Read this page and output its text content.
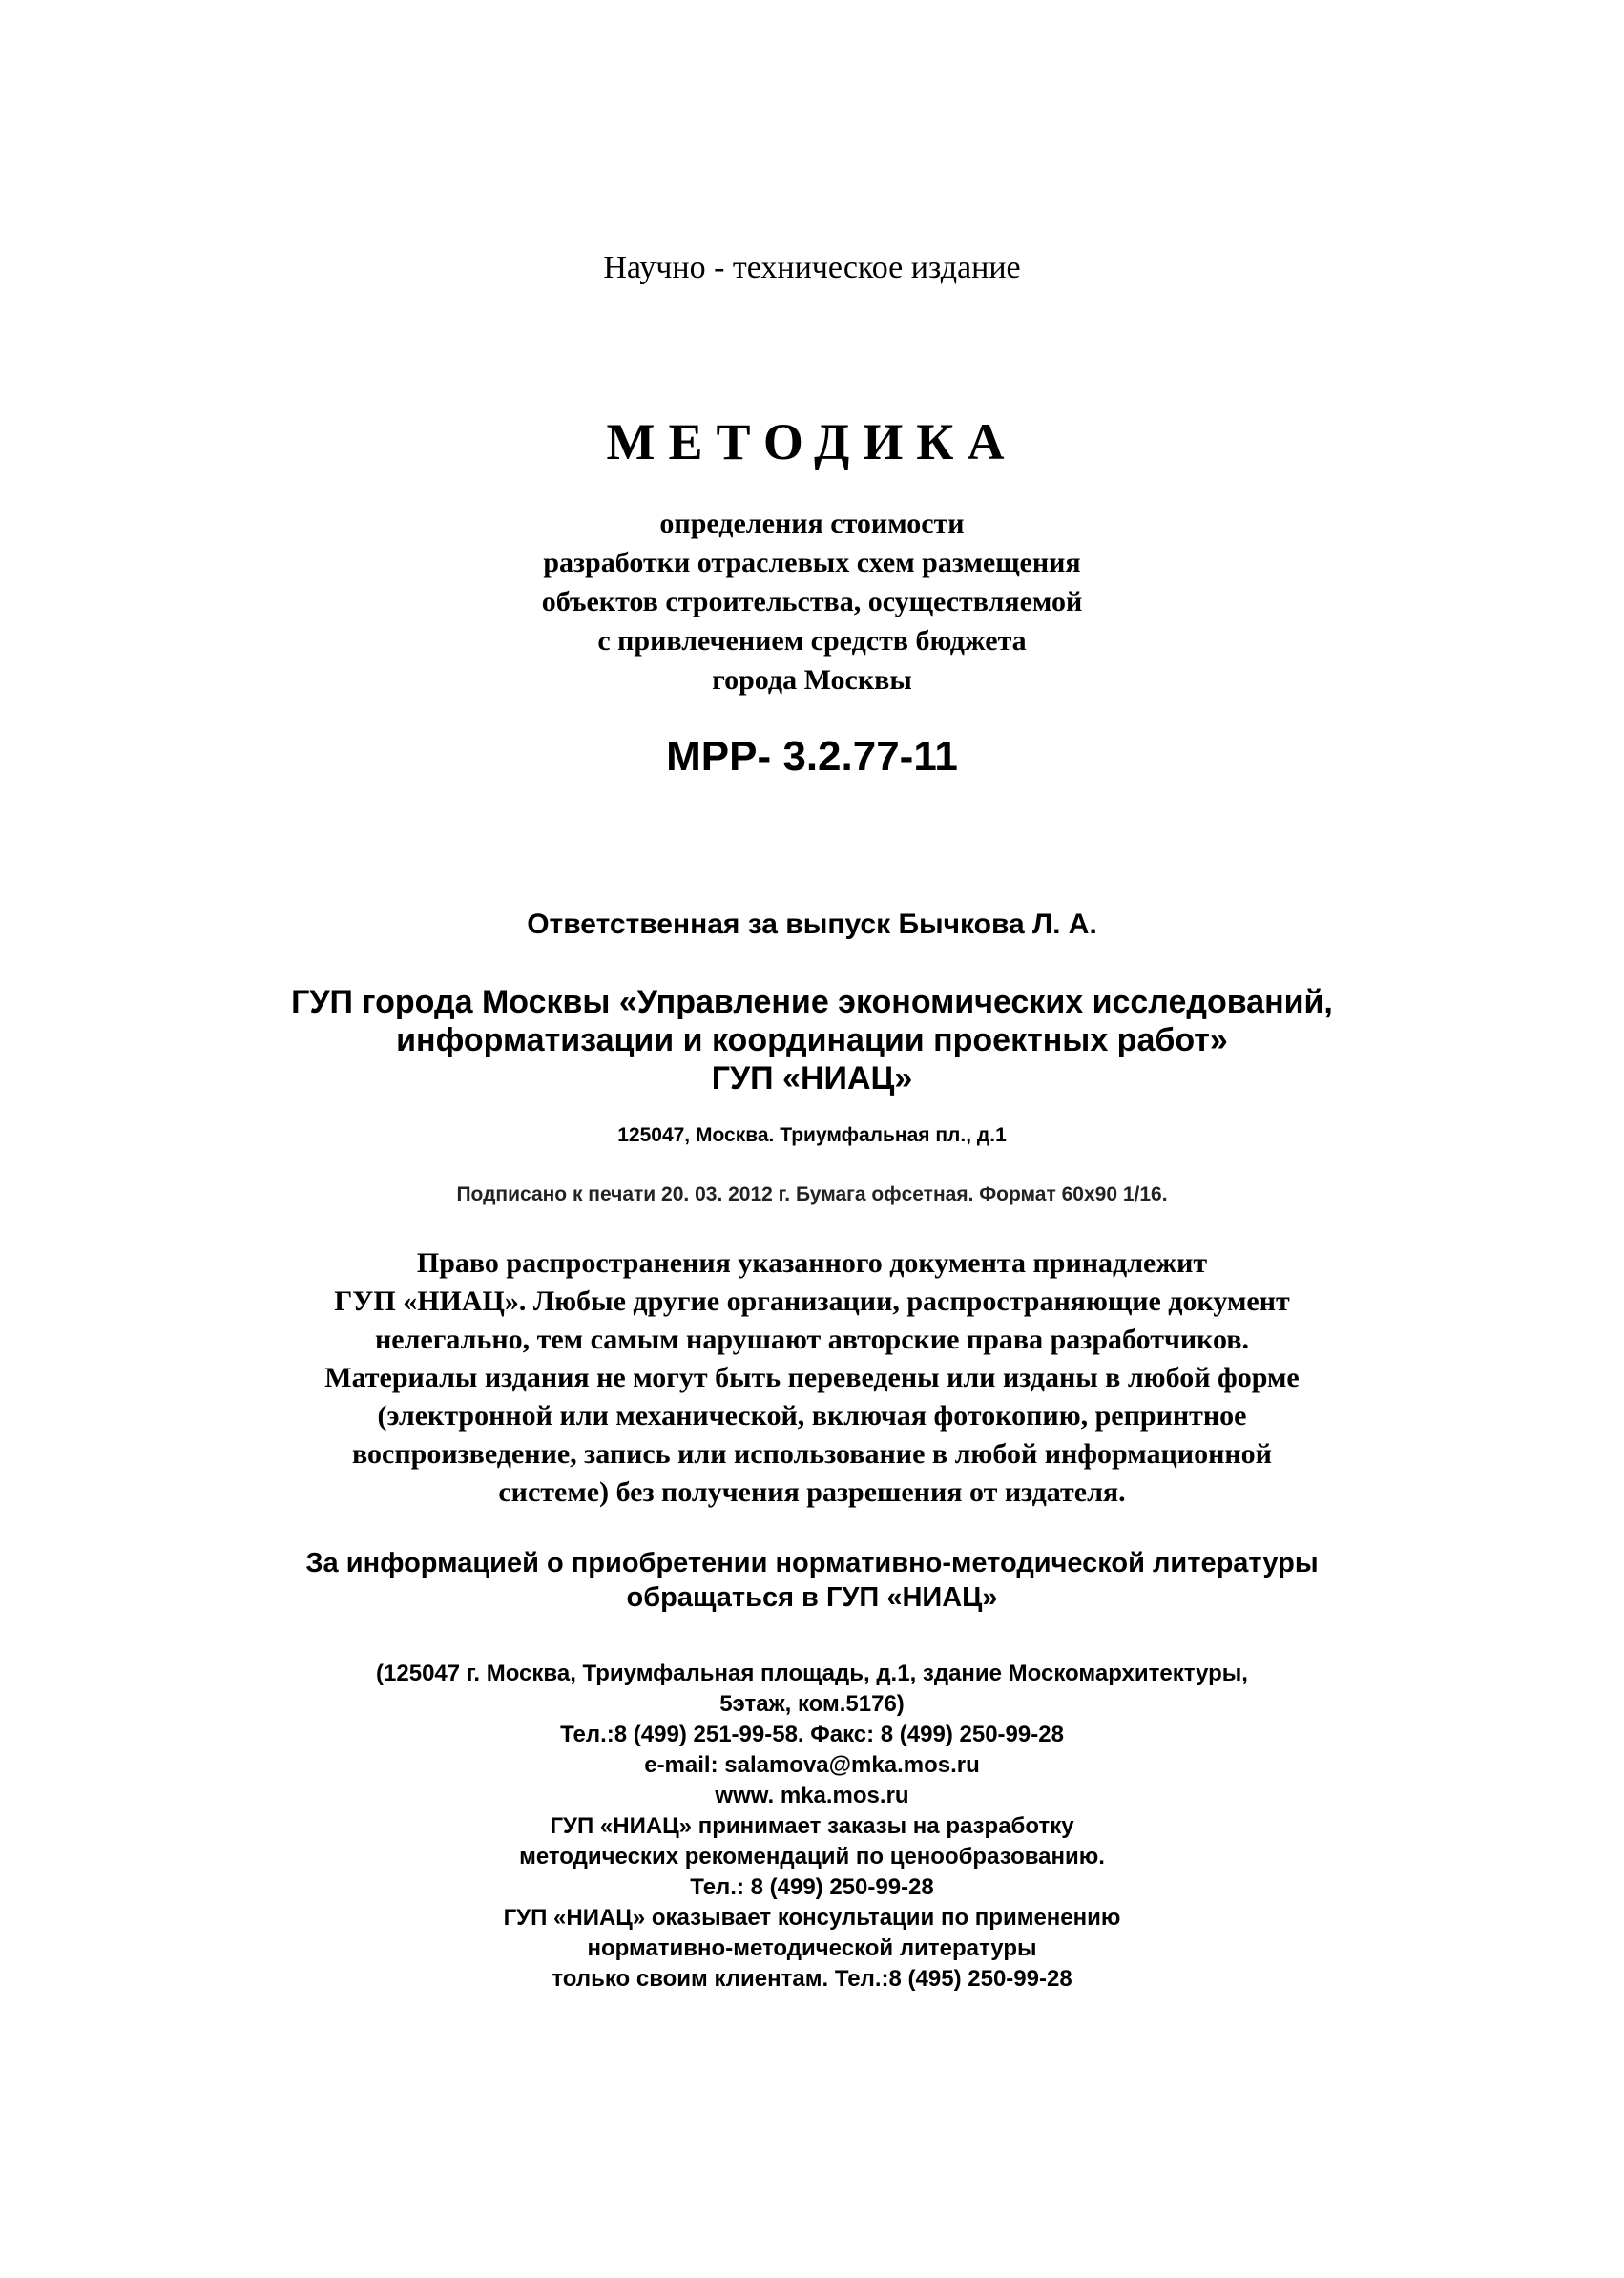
Научно - техническое издание
МЕТОДИКА
определения стоимости
разработки отраслевых схем размещения
объектов строительства, осуществляемой
с привлечением средств бюджета
города Москвы
МРР- 3.2.77-11
Ответственная за выпуск Бычкова Л. А.
ГУП города Москвы «Управление экономических исследований,
информатизации и координации проектных работ»
ГУП «НИАЦ»
125047, Москва. Триумфальная пл., д.1
Подписано к печати 20. 03. 2012 г. Бумага офсетная. Формат 60х90 1/16.
Право распространения указанного документа принадлежит
ГУП «НИАЦ». Любые другие организации, распространяющие документ
нелегально, тем самым нарушают авторские права разработчиков.
Материалы издания не могут быть переведены или изданы в любой форме
(электронной или механической, включая фотокопию, репринтное
воспроизведение, запись или использование в любой информационной
системе) без получения разрешения от издателя.
За информацией о приобретении нормативно-методической литературы
обращаться в ГУП «НИАЦ»
(125047 г. Москва, Триумфальная площадь, д.1, здание Москомархитектуры,
5этаж, ком.5176)
Тел.:8 (499) 251-99-58. Факс: 8 (499) 250-99-28
e-mail: salamova@mka.mos.ru
www. mka.mos.ru
ГУП «НИАЦ» принимает заказы на разработку
методических рекомендаций по ценообразованию.
Тел.: 8 (499) 250-99-28
ГУП «НИАЦ» оказывает консультации по применению
нормативно-методической литературы
только своим клиентам. Тел.:8 (495) 250-99-28
